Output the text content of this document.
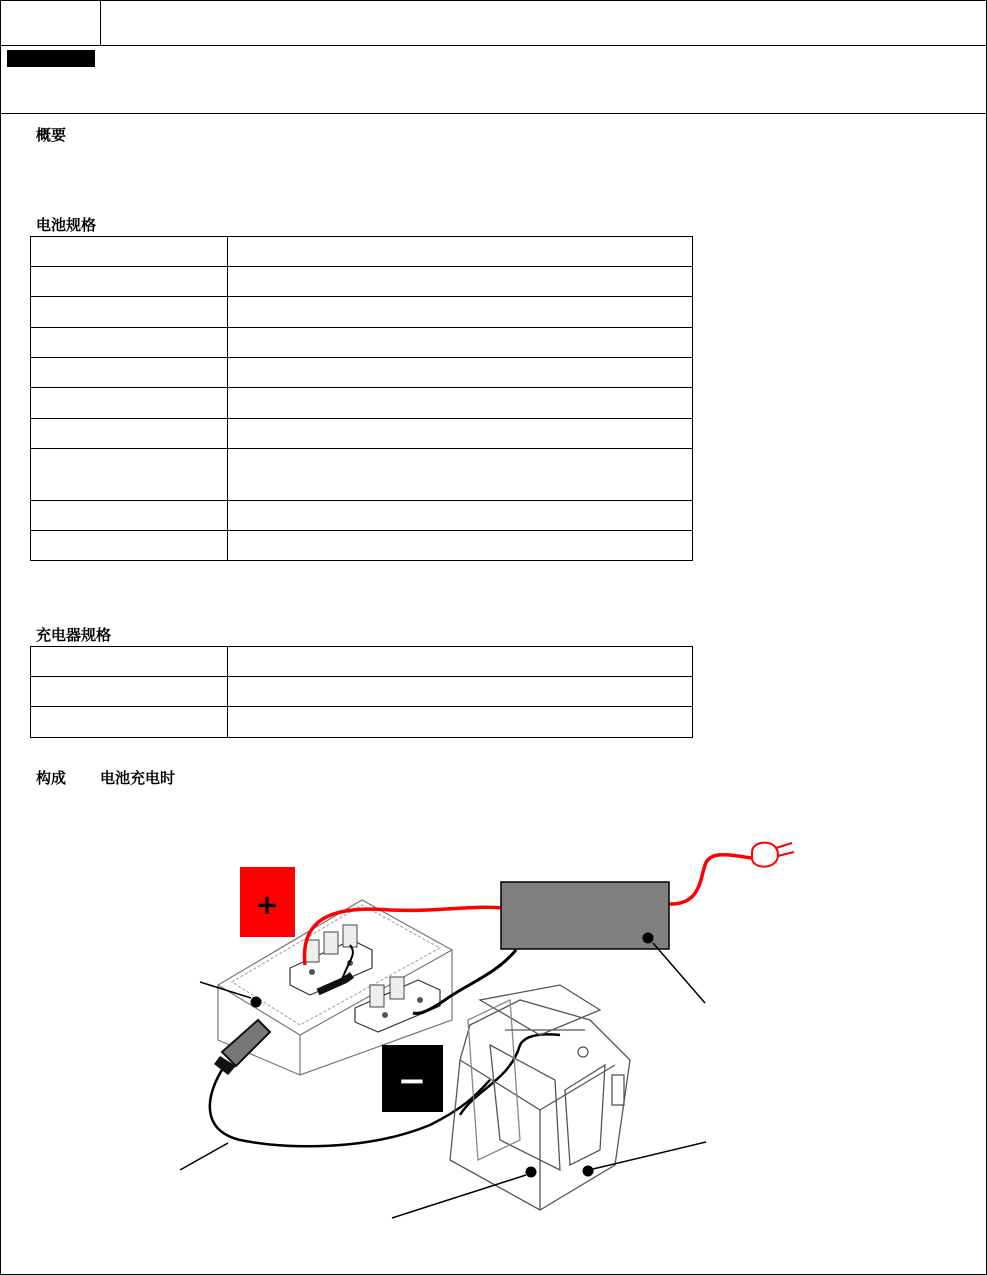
概要
电池规格

充电器规格

构成 电池充电时
+
−
